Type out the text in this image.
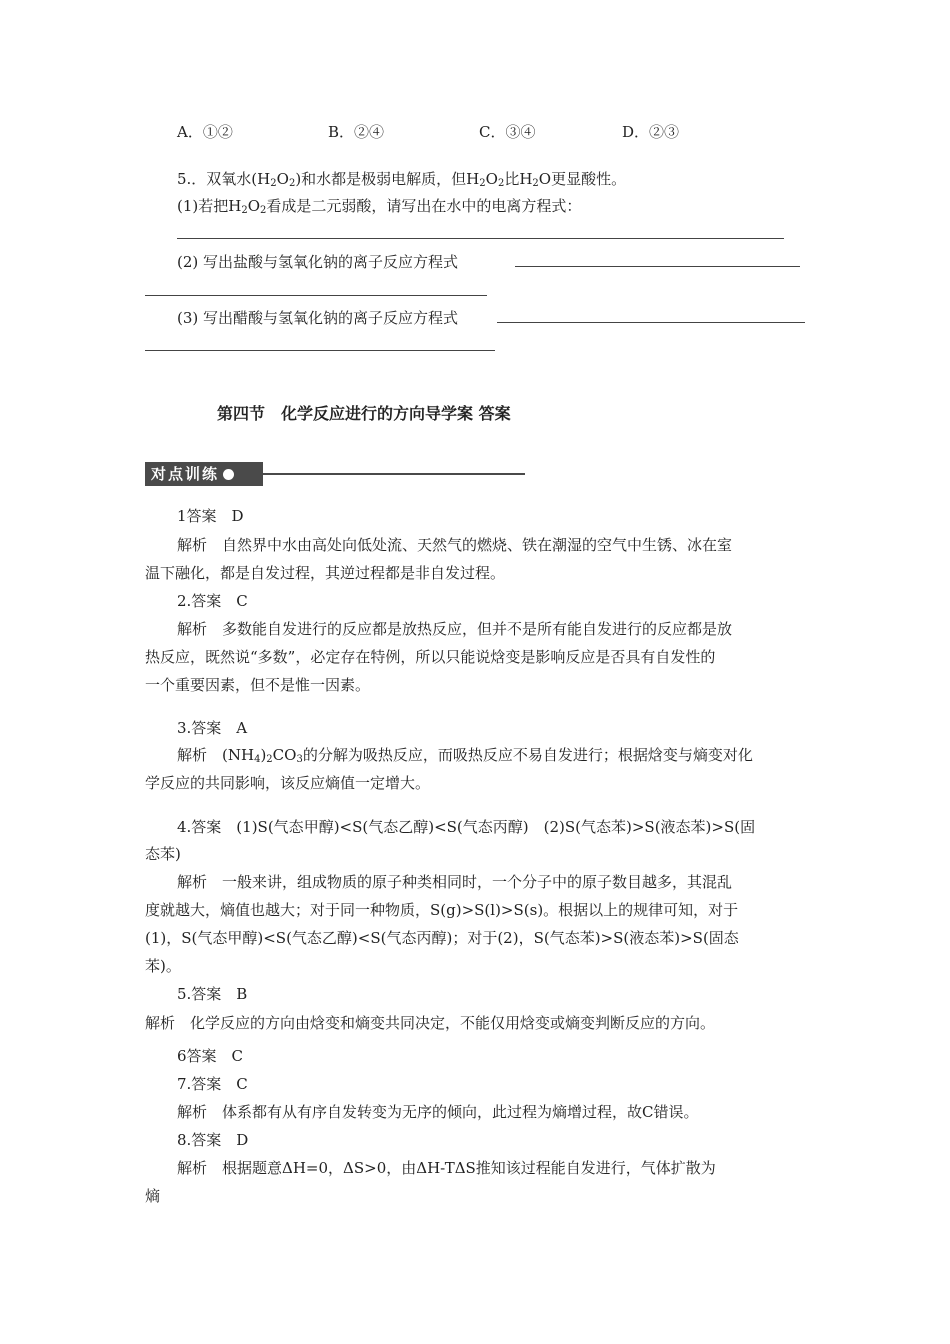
A．①②	B．②④	C．③④	D．②③
5.．双氧水$(H_2O_2)$和水都是极弱电解质，但$H_2O_2$比$H_2O$更显酸性。
(1)若把$H_2O_2$看成是二元弱酸，请写出在水中的电离方程式：
(2) 写出盐酸与氢氧化钠的离子反应方程式
(3) 写出醋酸与氢氧化钠的离子反应方程式
第四节　化学反应进行的方向导学案 答案
对点训练
1答案　D
解析　自然界中水由高处向低处流、天然气的燃烧、铁在潮湿的空气中生锈、冰在室
温下融化，都是自发过程，其逆过程都是非自发过程。
2.答案　C
解析　多数能自发进行的反应都是放热反应，但并不是所有能自发进行的反应都是放
热反应，既然说“多数”，必定存在特例，所以只能说焓变是影响反应是否具有自发性的
一个重要因素，但不是惟一因素。
3.答案　A
解析　$(NH_4)_2CO_3$的分解为吸热反应，而吸热反应不易自发进行；根据焓变与熵变对化
学反应的共同影响，该反应熵值一定增大。
4.答案　(1)S(气态甲醇)<S(气态乙醇)<S(气态丙醇)　(2)S(气态苯)>S(液态苯)>S(固
态苯)
解析　一般来讲，组成物质的原子种类相同时，一个分子中的原子数目越多，其混乱
度就越大，熵值也越大；对于同一种物质，S(g)>S(l)>S(s)。根据以上的规律可知，对于
(1)，S(气态甲醇)<S(气态乙醇)<S(气态丙醇)；对于(2)，S(气态苯)>S(液态苯)>S(固态
苯)。
5.答案　B
解析　化学反应的方向由焓变和熵变共同决定，不能仅用焓变或熵变判断反应的方向。
6答案　C
7.答案　C
解析　体系都有从有序自发转变为无序的倾向，此过程为熵增过程，故C错误。
8.答案　D
解析　根据题意ΔH=0，ΔS>0，由ΔH-TΔS推知该过程能自发进行，气体扩散为
熵
